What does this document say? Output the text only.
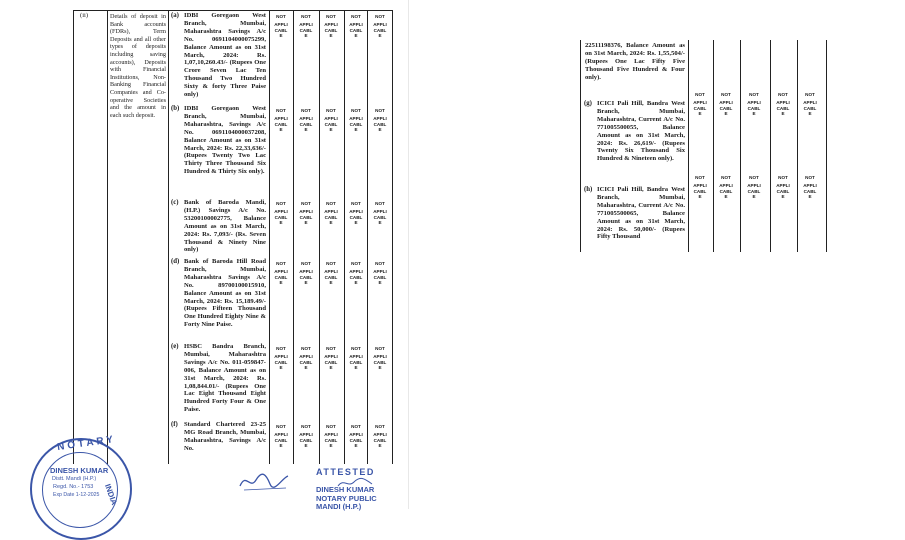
(ii)	Details of deposit in Bank accounts (FDRs), Term Deposits and all other types of deposits including saving accounts), Deposits with Financial Institutions, Non-Banking Financial Companies and Co-operative Societies and the amount in each such deposit.
(a) IDBI Goregaon West Branch, Mumbai, Maharashtra Savings A/c No. 0691104000075299, Balance Amount as on 31st March, 2024: Rs. 1,07,10,260.43/- (Rupees One Crore Seven Lac Ten Thousand Two Hundred Sixty & forty Three Paise only)
(b) IDBI Goregaon West Branch, Mumbai, Maharashtra, Savings A/c No. 0691104000037208, Balance Amount as on 31st March, 2024: Rs. 22,33,636/- (Rupees Twenty Two Lac Thirty Three Thousand Six Hundred & Thirty Six only).
(c) Bank of Baroda Mandi, (H.P.) Savings A/c No. 53200100002775, Balance Amount as on 31st March, 2024: Rs. 7,093/- (Rs. Seven Thousand & Ninety Nine only)
(d) Bank of Baroda Hill Road Branch, Mumbai, Maharashtra Savings A/c No. 89700100015910, Balance Amount as on 31st March, 2024: Rs. 15,189.49/- (Rupees Fifteen Thousand One Hundred Eighty Nine & Forty Nine Paise.
(e) HSBC Bandra Branch, Mumbai, Maharashtra Savings A/c No. 011-059847-006, Balance Amount as on 31st March, 2024: Rs. 1,08,844.01/- (Rupees One Lac Eight Thousand Eight Hundred Forty Four & One Paise.
(f) Standard Chartered 23-25 MG Road Branch, Mumbai, Maharashtra, Savings A/c No.
NOT
APPLI
CABL
E
NOT
APPLI
CABL
E
NOT
APPLI
CABL
E
NOT
APPLI
CABL
E
NOT
APPLI
CABL
E
NOT
APPLI
CABL
E
NOT
APPLI
CABL
E
NOT
APPLI
CABL
E
NOT
APPLI
CABL
E
NOT
APPLI
CABL
E
NOT
APPLI
CABL
E
NOT
APPLI
CABL
E
NOT
APPLI
CABL
E
NOT
APPLI
CABL
E
NOT
APPLI
CABL
E
NOT
APPLI
CABL
E
NOT
APPLI
CABL
E
NOT
APPLI
CABL
E
NOT
APPLI
CABL
E
NOT
APPLI
CABL
E
NOT
APPLI
CABL
E
NOT
APPLI
CABL
E
NOT
APPLI
CABL
E
NOT
APPLI
CABL
E
NOT
APPLI
CABL
E
NOT
APPLI
CABL
E
NOT
APPLI
CABL
E
NOT
APPLI
CABL
E
NOT
APPLI
CABL
E
NOT
APPLI
CABL
E
NOTARY
DINESH KUMAR
Distt. Mandi (H.P.)
Regd. No.- 1753
Exp Date 1-12-2025 INDIA
ATTESTED
DINESH KUMAR
NOTARY PUBLIC
MANDI (H.P.)
22511198376, Balance Amount as on 31st March, 2024: Rs. 1,55,504/- (Rupees One Lac Fifty Five Thousand Five Hundred & Four only).
(g) ICICI Pali Hill, Bandra West Branch, Mumbai, Maharashtra, Current A/c No. 771005500055, Balance Amount as on 31st March, 2024: Rs. 26,619/- (Rupees Twenty Six Thousand Six Hundred & Nineteen only).
(h) ICICI Pali Hill, Bandra West Branch, Mumbai, Maharashtra, Current A/c No. 771005500065, Balance Amount as on 31st March, 2024: Rs. 50,000/- (Rupees Fifty Thousand
NOT
APPLI
CABL
E
NOT
APPLI
CABL
E
NOT
APPLI
CABL
E
NOT
APPLI
CABL
E
NOT
APPLI
CABL
E
NOT
APPLI
CABL
E
NOT
APPLI
CABL
E
NOT
APPLI
CABL
E
NOT
APPLI
CABL
E
NOT
APPLI
CABL
E
